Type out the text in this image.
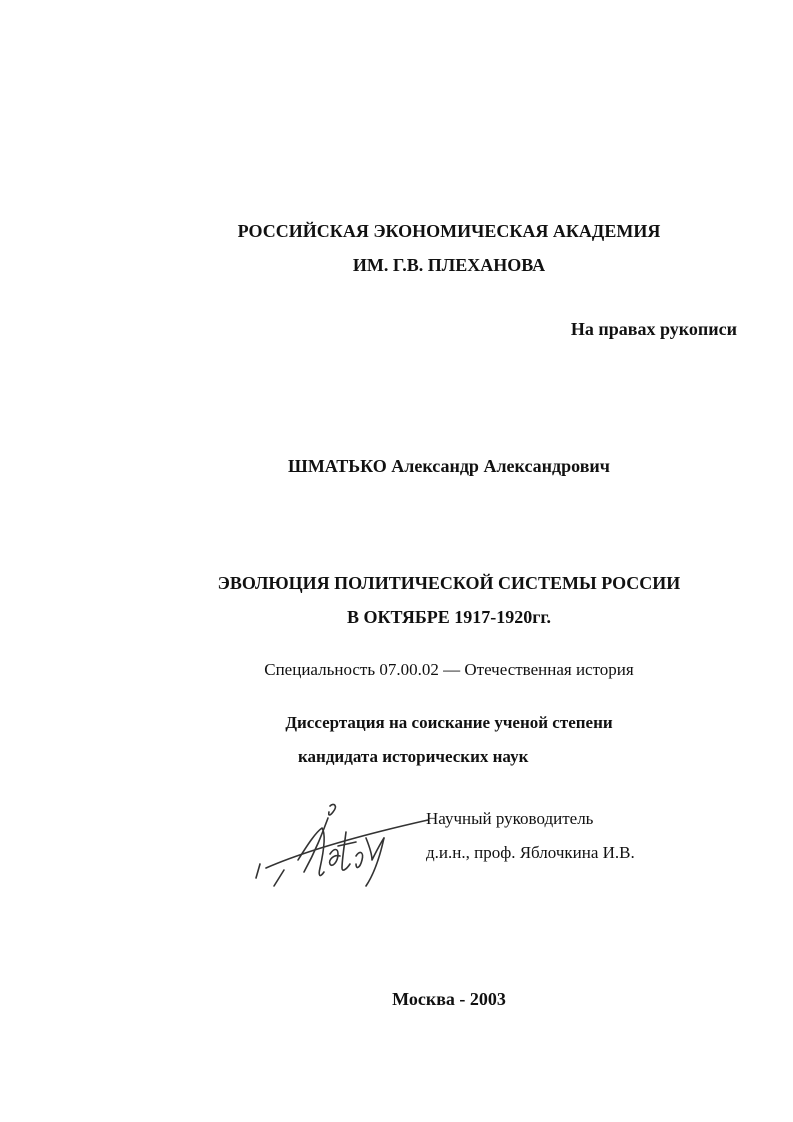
РОССИЙСКАЯ ЭКОНОМИЧЕСКАЯ АКАДЕМИЯ
ИМ. Г.В. ПЛЕХАНОВА
На правах рукописи
ШМАТЬКО Александр Александрович
ЭВОЛЮЦИЯ ПОЛИТИЧЕСКОЙ СИСТЕМЫ РОССИИ
В ОКТЯБРЕ 1917-1920гг.
Специальность 07.00.02 — Отечественная история
Диссертация на соискание ученой степени
кандидата исторических наук
Научный руководитель
д.и.н., проф. Яблочкина И.В.
Москва - 2003
